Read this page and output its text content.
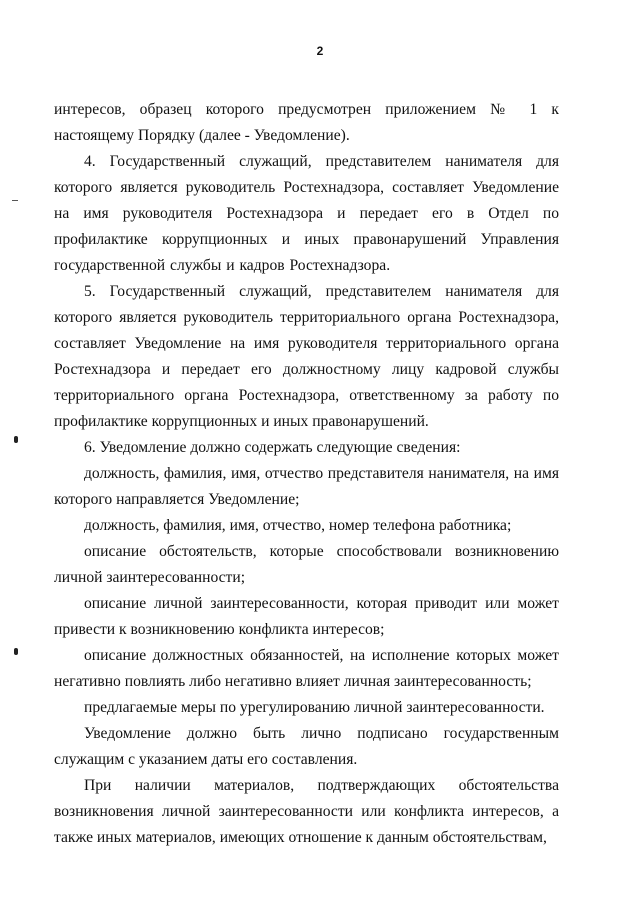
2

интересов, образец которого предусмотрен приложением № 1 к настоящему Порядку (далее - Уведомление).

4. Государственный служащий, представителем нанимателя для которого является руководитель Ростехнадзора, составляет Уведомление на имя руководителя Ростехнадзора и передает его в Отдел по профилактике коррупционных и иных правонарушений Управления государственной службы и кадров Ростехнадзора.

5. Государственный служащий, представителем нанимателя для которого является руководитель территориального органа Ростехнадзора, составляет Уведомление на имя руководителя территориального органа Ростехнадзора и передает его должностному лицу кадровой службы территориального органа Ростехнадзора, ответственному за работу по профилактике коррупционных и иных правонарушений.

6. Уведомление должно содержать следующие сведения:

должность, фамилия, имя, отчество представителя нанимателя, на имя которого направляется Уведомление;

должность, фамилия, имя, отчество, номер телефона работника;

описание обстоятельств, которые способствовали возникновению личной заинтересованности;

описание личной заинтересованности, которая приводит или может привести к возникновению конфликта интересов;

описание должностных обязанностей, на исполнение которых может негативно повлиять либо негативно влияет личная заинтересованность;

предлагаемые меры по урегулированию личной заинтересованности.

Уведомление должно быть лично подписано государственным служащим с указанием даты его составления.

При наличии материалов, подтверждающих обстоятельства возникновения личной заинтересованности или конфликта интересов, а также иных материалов, имеющих отношение к данным обстоятельствам,
